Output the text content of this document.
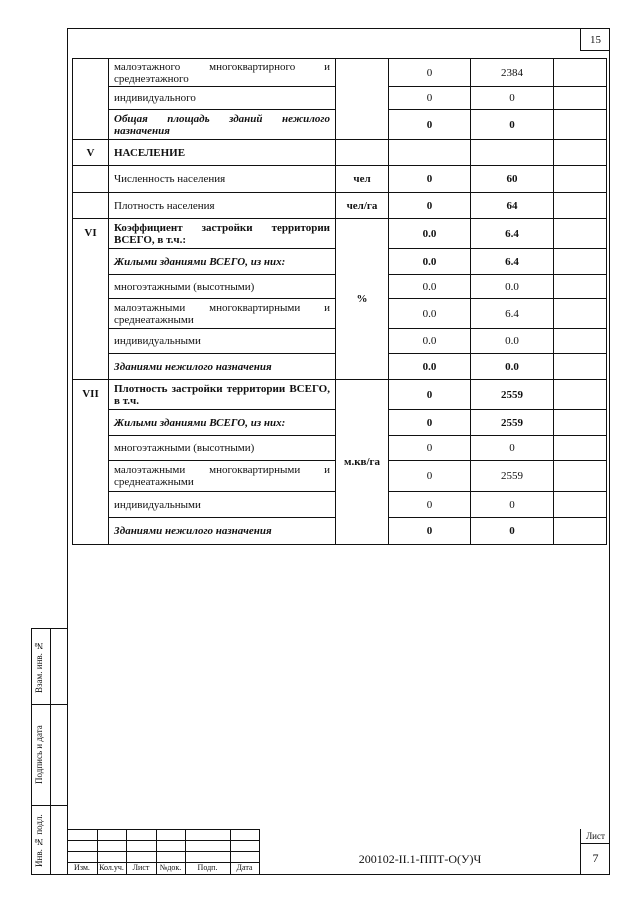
15
	малоэтажного многоквартирного и среднеэтажного		0	2384	
	индивидуального		0	0	
	Общая площадь зданий нежилого назначения		0	0	
V	НАСЕЛЕНИЕ				
	Численность населения	чел	0	60	
	Плотность населения	чел/га	0	64	
VI	Коэффициент застройки территории ВСЕГО, в т.ч.:	%	0.0	6.4	
	Жилыми зданиями ВСЕГО, из них:		0.0	6.4	
	многоэтажными (высотными)		0.0	0.0	
	малоэтажными многоквартирными и среднеатажными		0.0	6.4	
	индивидуальными		0.0	0.0	
	Зданиями нежилого назначения		0.0	0.0	
VII	Плотность застройки территории ВСЕГО, в т.ч.	м.кв/га	0	2559	
	Жилыми зданиями ВСЕГО, из них:		0	2559	
	многоэтажными (высотными)		0	0	
	малоэтажными многоквартирными и среднеатажными		0	2559	
	индивидуальными		0	0	
	Зданиями нежилого назначения		0	0	
Взам. инв. №
Подпись и дата
Инв. № подл.
Изм.	Кол.уч.	Лист	№док.	Подп.	Дата
200102-II.1-ППТ-О(У)Ч
Лист
7
